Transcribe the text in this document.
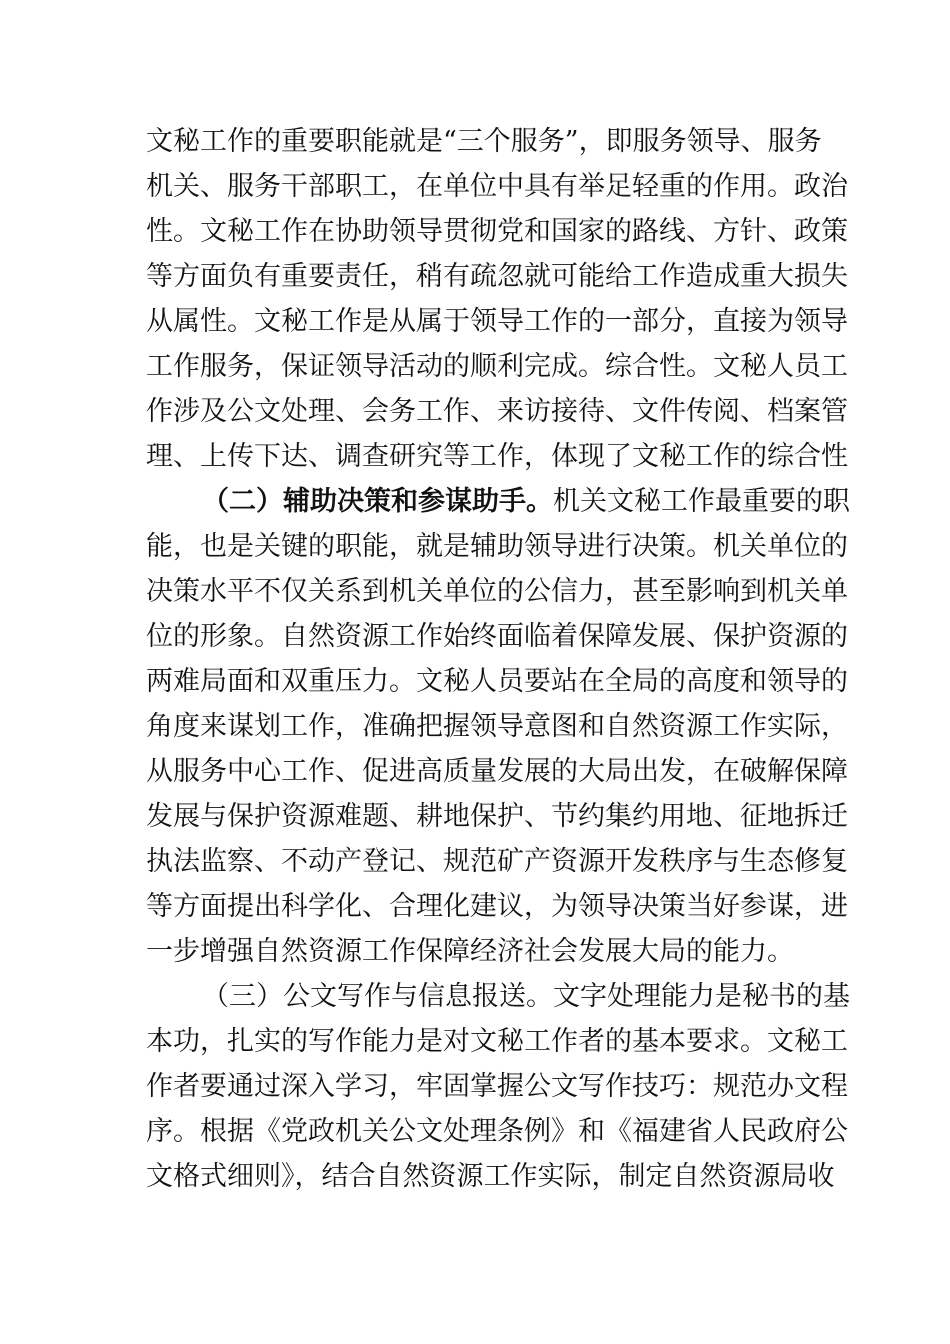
文秘工作的重要职能就是“三个服务”，即服务领导、服务
机关、服务干部职工，在单位中具有举足轻重的作用。政治
性。文秘工作在协助领导贯彻党和国家的路线、方针、政策
等方面负有重要责任，稍有疏忽就可能给工作造成重大损失
从属性。文秘工作是从属于领导工作的一部分，直接为领导
工作服务，保证领导活动的顺利完成。综合性。文秘人员工
作涉及公文处理、会务工作、来访接待、文件传阅、档案管
理、上传下达、调查研究等工作，体现了文秘工作的综合性
（二）辅助决策和参谋助手。机关文秘工作最重要的职
能，也是关键的职能，就是辅助领导进行决策。机关单位的
决策水平不仅关系到机关单位的公信力，甚至影响到机关单
位的形象。自然资源工作始终面临着保障发展、保护资源的
两难局面和双重压力。文秘人员要站在全局的高度和领导的
角度来谋划工作，准确把握领导意图和自然资源工作实际，
从服务中心工作、促进高质量发展的大局出发，在破解保障
发展与保护资源难题、耕地保护、节约集约用地、征地拆迁
执法监察、不动产登记、规范矿产资源开发秩序与生态修复
等方面提出科学化、合理化建议，为领导决策当好参谋，进
一步增强自然资源工作保障经济社会发展大局的能力。
（三）公文写作与信息报送。文字处理能力是秘书的基
本功，扎实的写作能力是对文秘工作者的基本要求。文秘工
作者要通过深入学习，牢固掌握公文写作技巧：规范办文程
序。根据《党政机关公文处理条例》和《福建省人民政府公
文格式细则》，结合自然资源工作实际，制定自然资源局收
